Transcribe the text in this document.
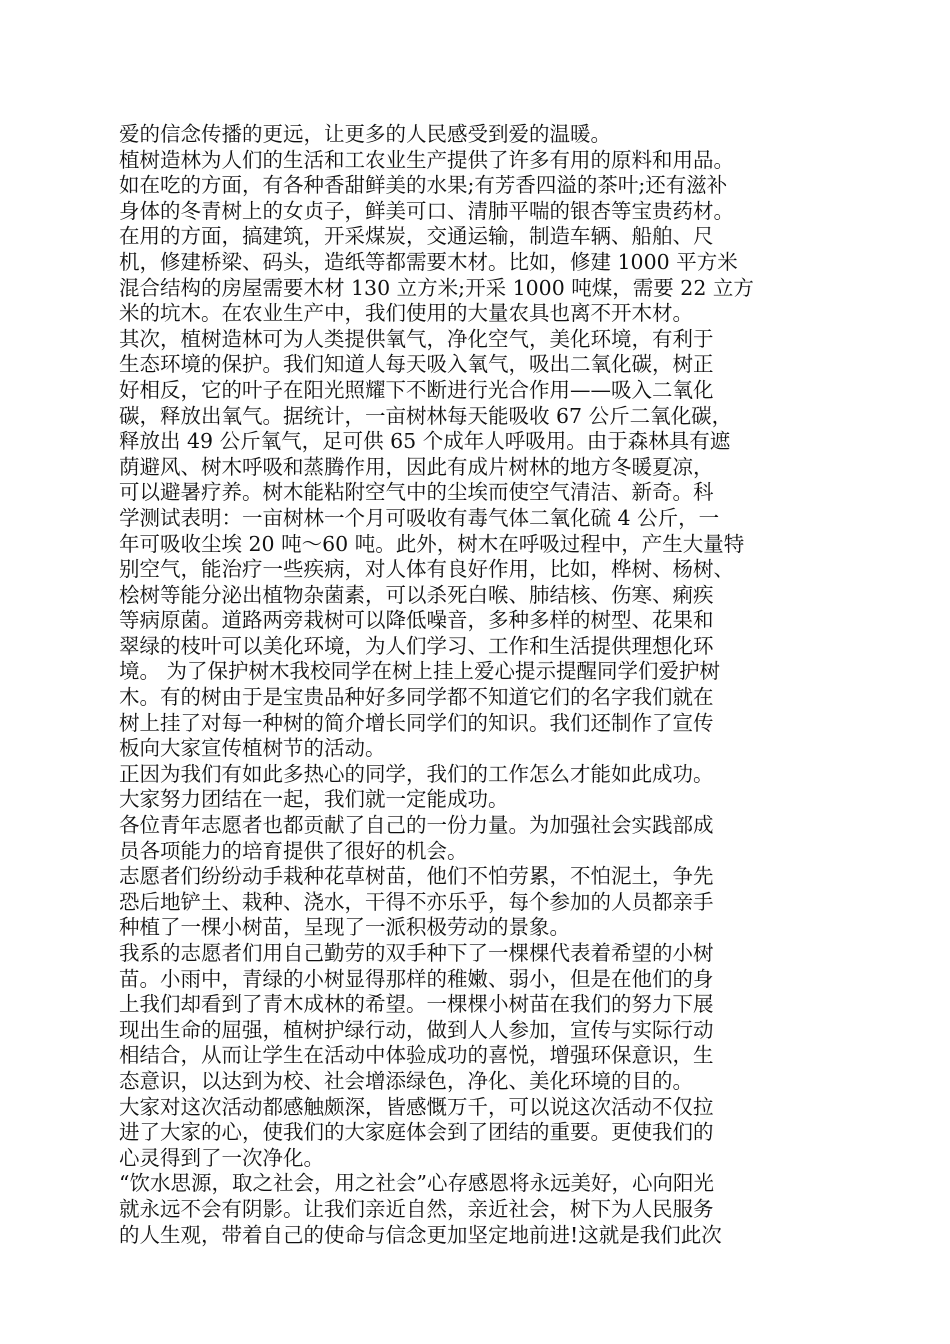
爱的信念传播的更远，让更多的人民感受到爱的温暖。
植树造林为人们的生活和工农业生产提供了许多有用的原料和用品。
如在吃的方面，有各种香甜鲜美的水果;有芳香四溢的茶叶;还有滋补
身体的冬青树上的女贞子，鲜美可口、清肺平喘的银杏等宝贵药材。
在用的方面，搞建筑，开采煤炭，交通运输，制造车辆、船舶、尺
机，修建桥梁、码头，造纸等都需要木材。比如，修建 1000 平方米
混合结构的房屋需要木材 130 立方米;开采 1000 吨煤，需要 22 立方
米的坑木。在农业生产中，我们使用的大量农具也离不开木材。
其次，植树造林可为人类提供氧气，净化空气，美化环境，有利于
生态环境的保护。我们知道人每天吸入氧气，吸出二氧化碳，树正
好相反，它的叶子在阳光照耀下不断进行光合作用——吸入二氧化
碳，释放出氧气。据统计，一亩树林每天能吸收 67 公斤二氧化碳，
释放出 49 公斤氧气，足可供 65 个成年人呼吸用。由于森林具有遮
荫避风、树木呼吸和蒸腾作用，因此有成片树林的地方冬暖夏凉，
可以避暑疗养。树木能粘附空气中的尘埃而使空气清洁、新奇。科
学测试表明：一亩树林一个月可吸收有毒气体二氧化硫 4 公斤，一
年可吸收尘埃 20 吨～60 吨。此外，树木在呼吸过程中，产生大量特
别空气，能治疗一些疾病，对人体有良好作用，比如，桦树、杨树、
桧树等能分泌出植物杂菌素，可以杀死白喉、肺结核、伤寒、痢疾
等病原菌。道路两旁栽树可以降低噪音，多种多样的树型、花果和
翠绿的枝叶可以美化环境，为人们学习、工作和生活提供理想化环
境。 为了保护树木我校同学在树上挂上爱心提示提醒同学们爱护树
木。有的树由于是宝贵品种好多同学都不知道它们的名字我们就在
树上挂了对每一种树的简介增长同学们的知识。我们还制作了宣传
板向大家宣传植树节的活动。
正因为我们有如此多热心的同学，我们的工作怎么才能如此成功。
大家努力团结在一起，我们就一定能成功。
各位青年志愿者也都贡献了自己的一份力量。为加强社会实践部成
员各项能力的培育提供了很好的机会。
志愿者们纷纷动手栽种花草树苗，他们不怕劳累，不怕泥土，争先
恐后地铲土、栽种、浇水，干得不亦乐乎，每个参加的人员都亲手
种植了一棵小树苗，呈现了一派积极劳动的景象。
我系的志愿者们用自己勤劳的双手种下了一棵棵代表着希望的小树
苗。小雨中，青绿的小树显得那样的稚嫩、弱小，但是在他们的身
上我们却看到了青木成林的希望。一棵棵小树苗在我们的努力下展
现出生命的屈强，植树护绿行动，做到人人参加，宣传与实际行动
相结合，从而让学生在活动中体验成功的喜悦，增强环保意识，生
态意识，以达到为校、社会增添绿色，净化、美化环境的目的。
大家对这次活动都感触颇深，皆感慨万千，可以说这次活动不仅拉
进了大家的心，使我们的大家庭体会到了团结的重要。更使我们的
心灵得到了一次净化。
“饮水思源，取之社会，用之社会”心存感恩将永远美好，心向阳光
就永远不会有阴影。让我们亲近自然，亲近社会，树下为人民服务
的人生观，带着自己的使命与信念更加坚定地前进!这就是我们此次
